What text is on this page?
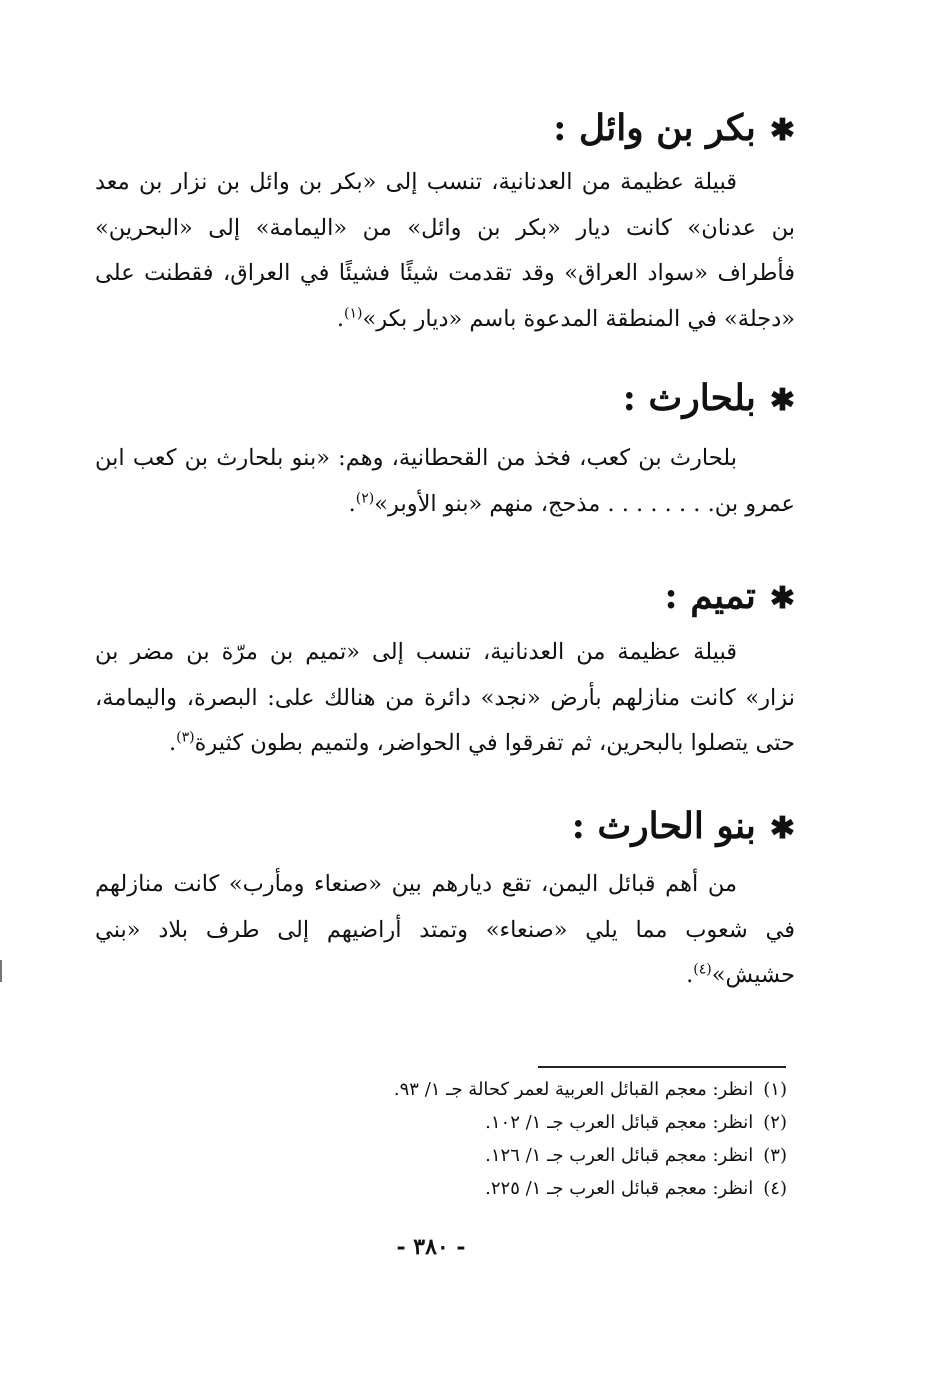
✱بكر بن وائل :

قبيلة عظيمة من العدنانية، تنسب إلى «بكر بن وائل بن نزار بن معد بن عدنان» كانت ديار «بكر بن وائل» من «اليمامة» إلى «البحرين» فأطراف «سواد العراق» وقد تقدمت شيئًا فشيئًا في العراق، فقطنت على «دجلة» في المنطقة المدعوة باسم «ديار بكر»$^{(١)}$.

✱بلحارث :

بلحارث بن كعب، فخذ من القحطانية، وهم: «بنو بلحارث بن كعب ابن عمرو بن. . . . . . . . مذحج، منهم «بنو الأوبر»$^{(٢)}$.

✱تميم :

قبيلة عظيمة من العدنانية، تنسب إلى «تميم بن مرّة بن مضر بن نزار» كانت منازلهم بأرض «نجد» دائرة من هنالك على: البصرة، واليمامة، حتى يتصلوا بالبحرين، ثم تفرقوا في الحواضر، ولتميم بطون كثيرة$^{(٣)}$.

✱بنو الحارث :

من أهم قبائل اليمن، تقع ديارهم بين «صنعاء ومأرب» كانت منازلهم في شعوب مما يلي «صنعاء» وتمتد أراضيهم إلى طرف بلاد «بني حشيش»$^{(٤)}$.

(١)انظر: معجم القبائل العربية لعمر كحالة جـ ١/ ٩٣.
(٢)انظر: معجم قبائل العرب جـ ١/ ١٠٢.
(٣)انظر: معجم قبائل العرب جـ ١/ ١٢٦.
(٤)انظر: معجم قبائل العرب جـ ١/ ٢٢٥.
- ٣٨٠ -
